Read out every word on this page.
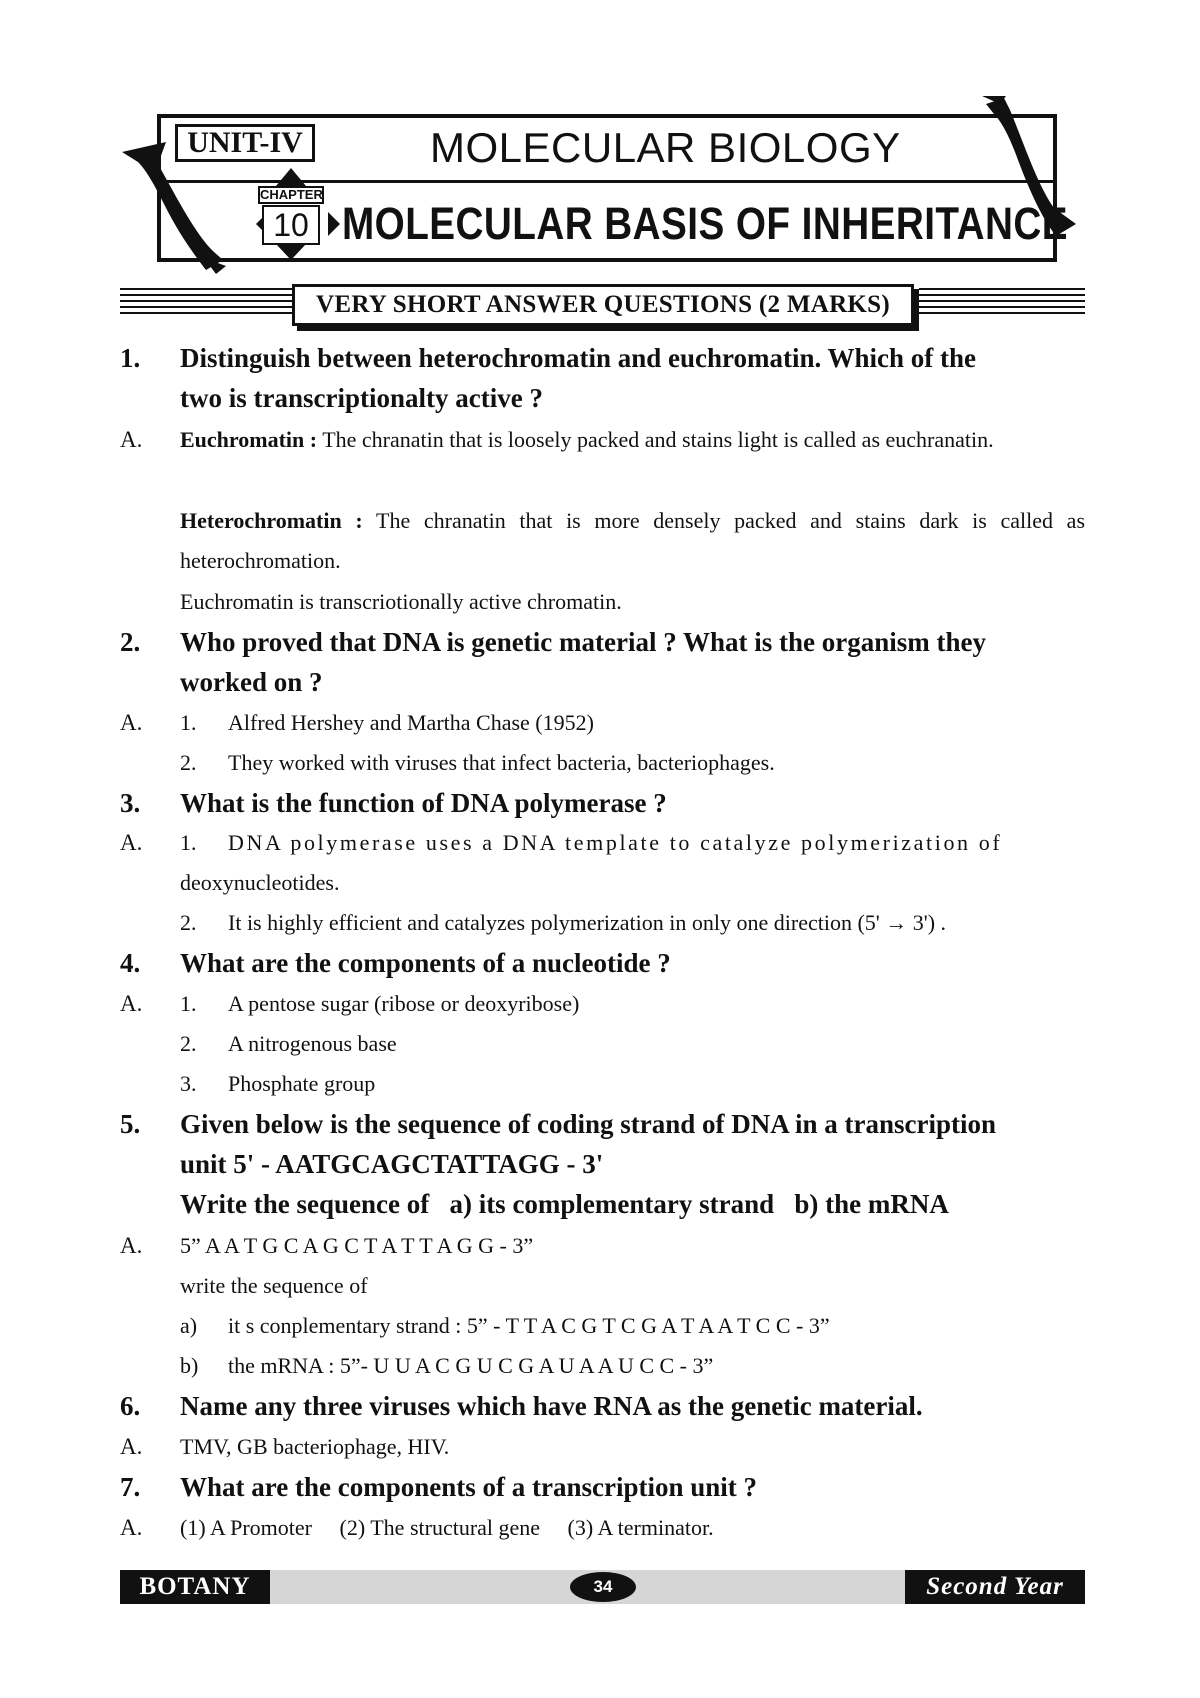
UNIT-IV	MOLECULAR BIOLOGY
CHAPTER
10 MOLECULAR BASIS OF INHERITANCE
VERY SHORT ANSWER QUESTIONS (2 MARKS)
1.	Distinguish between heterochromatin and euchromatin. Which of the
two is transcriptionalty active ?
A.	Euchromatin : The chranatin that is loosely packed and stains light is called as euchranatin.
Heterochromatin : The chranatin that is more densely packed and stains dark is called as heterochromation.
Euchromatin is transcriotionally active chromatin.
2.	Who proved that DNA is genetic material ? What is the organism they
worked on ?
A.	1.	Alfred Hershey and Martha Chase (1952)
2.	They worked with viruses that infect bacteria, bacteriophages.
3.	What is the function of DNA polymerase ?
A.	1.	DNA polymerase uses a DNA template to catalyze polymerization of
deoxynucleotides.
2.	It is highly efficient and catalyzes polymerization in only one direction (5' → 3') .
4.	What are the components of a nucleotide ?
A.	1.	A pentose sugar (ribose or deoxyribose)
2.	A nitrogenous base
3.	Phosphate group
5.	Given below is the sequence of coding strand of DNA in a transcription
unit 5' - AATGCAGCTATTAGG - 3'
Write the sequence of   a) its complementary strand   b) the mRNA
A.	5” A A T G C A G C T A T T A G G - 3”
write the sequence of
a)	it s conplementary strand : 5” - T T A C G T C G A T A A T C C - 3”
b)	the mRNA : 5”- U U A C G U C G A U A A U C C - 3”
6.	Name any three viruses which have RNA as the genetic material.
A.	TMV, GB bacteriophage, HIV.
7.	What are the components of a transcription unit ?
A.	(1) A Promoter     (2) The structural gene     (3) A terminator.
BOTANY	34	Second Year
